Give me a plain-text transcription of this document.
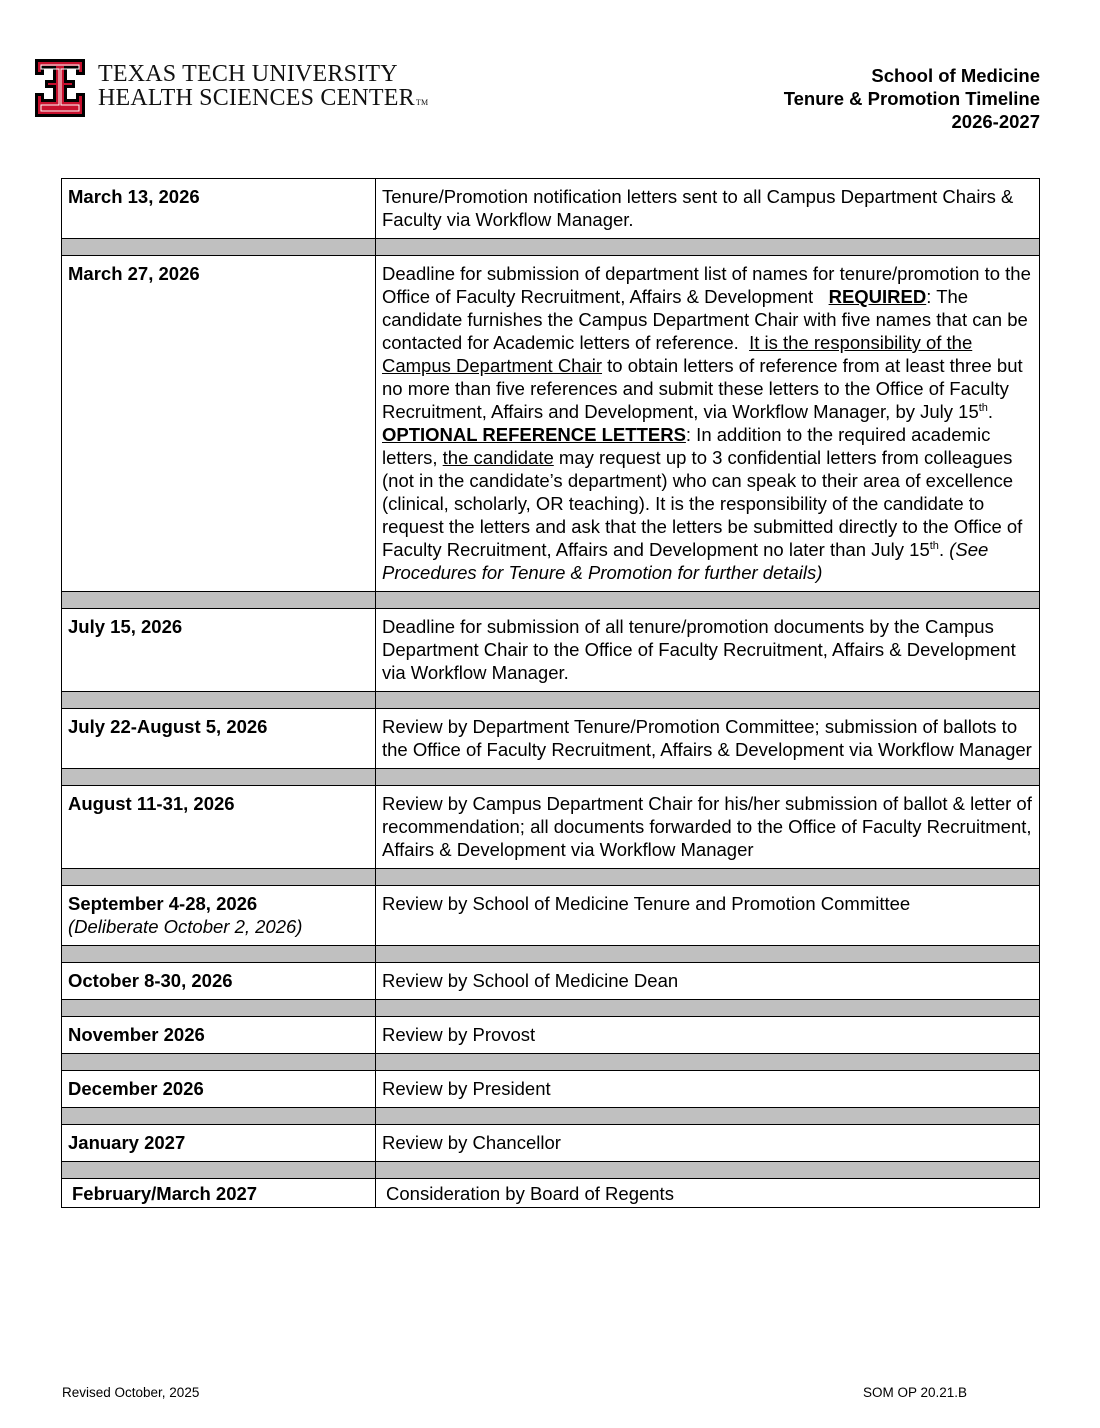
TEXAS TECH UNIVERSITY
HEALTH SCIENCES CENTERTM
School of Medicine
Tenure & Promotion Timeline
2026-2027
March 13, 2026	Tenure/Promotion notification letters sent to all Campus Department Chairs & Faculty via Workflow Manager.

March 27, 2026	Deadline for submission of department list of names for tenure/promotion to the Office of Faculty Recruitment, Affairs & Development REQUIRED: The candidate furnishes the Campus Department Chair with five names that can be contacted for Academic letters of reference. It is the responsibility of the Campus Department Chair to obtain letters of reference from at least three but no more than five references and submit these letters to the Office of Faculty Recruitment, Affairs and Development, via Workflow Manager, by July 15th.
OPTIONAL REFERENCE LETTERS: In addition to the required academic letters, the candidate may request up to 3 confidential letters from colleagues (not in the candidate’s department) who can speak to their area of excellence (clinical, scholarly, OR teaching). It is the responsibility of the candidate to request the letters and ask that the letters be submitted directly to the Office of Faculty Recruitment, Affairs and Development no later than July 15th. (See Procedures for Tenure & Promotion for further details)

July 15, 2026	Deadline for submission of all tenure/promotion documents by the Campus Department Chair to the Office of Faculty Recruitment, Affairs & Development via Workflow Manager.

July 22-August 5, 2026	Review by Department Tenure/Promotion Committee; submission of ballots to the Office of Faculty Recruitment, Affairs & Development via Workflow Manager

August 11-31, 2026	Review by Campus Department Chair for his/her submission of ballot & letter of recommendation; all documents forwarded to the Office of Faculty Recruitment, Affairs & Development via Workflow Manager

September 4-28, 2026
(Deliberate October 2, 2026)	Review by School of Medicine Tenure and Promotion Committee

October 8-30, 2026	Review by School of Medicine Dean

November 2026	Review by Provost

December 2026	Review by President

January 2027	Review by Chancellor

February/March 2027	Consideration by Board of Regents
Revised October, 2025	SOM OP 20.21.B
